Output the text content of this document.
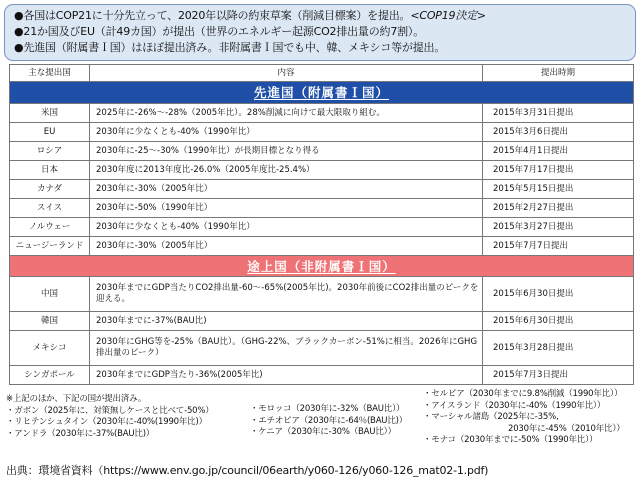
●各国はCOP21に十分先立って、2020年以降の約束草案（削減目標案）を提出。<COP19決定>
●21か国及びEU（計49カ国）が提出（世界のエネルギー起源CO2排出量の約7割）。
●先進国（附属書Ｉ国）はほぼ提出済み。非附属書Ｉ国でも中、韓、メキシコ等が提出。
主な提出国	内容	提出時期
先進国（附属書Ｉ国）		
米国	2025年に-26%～-28%（2005年比）。28%削減に向けて最大限取り組む。	2015年3月31日提出
EU	2030年に少なくとも-40%（1990年比）	2015年3月6日提出
ロシア	2030年に-25～-30%（1990年比）が長期目標となり得る	2015年4月1日提出
日本	2030年度に2013年度比-26.0%（2005年度比-25.4%）	2015年7月17日提出
カナダ	2030年に-30%（2005年比）	2015年5月15日提出
スイス	2030年に-50%（1990年比）	2015年2月27日提出
ノルウェー	2030年に少なくとも-40%（1990年比）	2015年3月27日提出
ニュージーランド	2030年に-30%（2005年比）	2015年7月7日提出
途上国（非附属書Ｉ国）		
中国	2030年までにGDP当たりCO2排出量-60～-65%(2005年比)。2030年前後にCO2排出量のピークを迎える。	2015年6月30日提出
韓国	2030年までに-37%(BAU比)	2015年6月30日提出
メキシコ	2030年にGHG等を-25%（BAU比）。（GHG-22%、ブラックカーボン-51%に相当。2026年にGHG排出量のピーク）	2015年3月28日提出
シンガポール	2030年までにGDP当たり-36%(2005年比)	2015年7月3日提出
※上記のほか、下記の国が提出済み。
・ガボン（2025年に、対策無しケースと比べて-50%）
・リヒテンシュタイン（2030年に-40%(1990年比)）
・アンドラ（2030年に-37%(BAU比)）
・モロッコ（2030年に-32%（BAU比））
・エチオピア（2030年に-64％(BAU比)）
・ケニア（2030年に-30%（BAU比））
・セルビア（2030年までに9.8%削減（1990年比））
・アイスランド（2030年に-40%（1990年比））
・マーシャル諸島（2025年に-35%,
2030年に-45%（2010年比））
・モナコ（2030年までに-50%（1990年比））
出典：環境省資料（https://www.env.go.jp/council/06earth/y060-126/y060-126_mat02-1.pdf)
